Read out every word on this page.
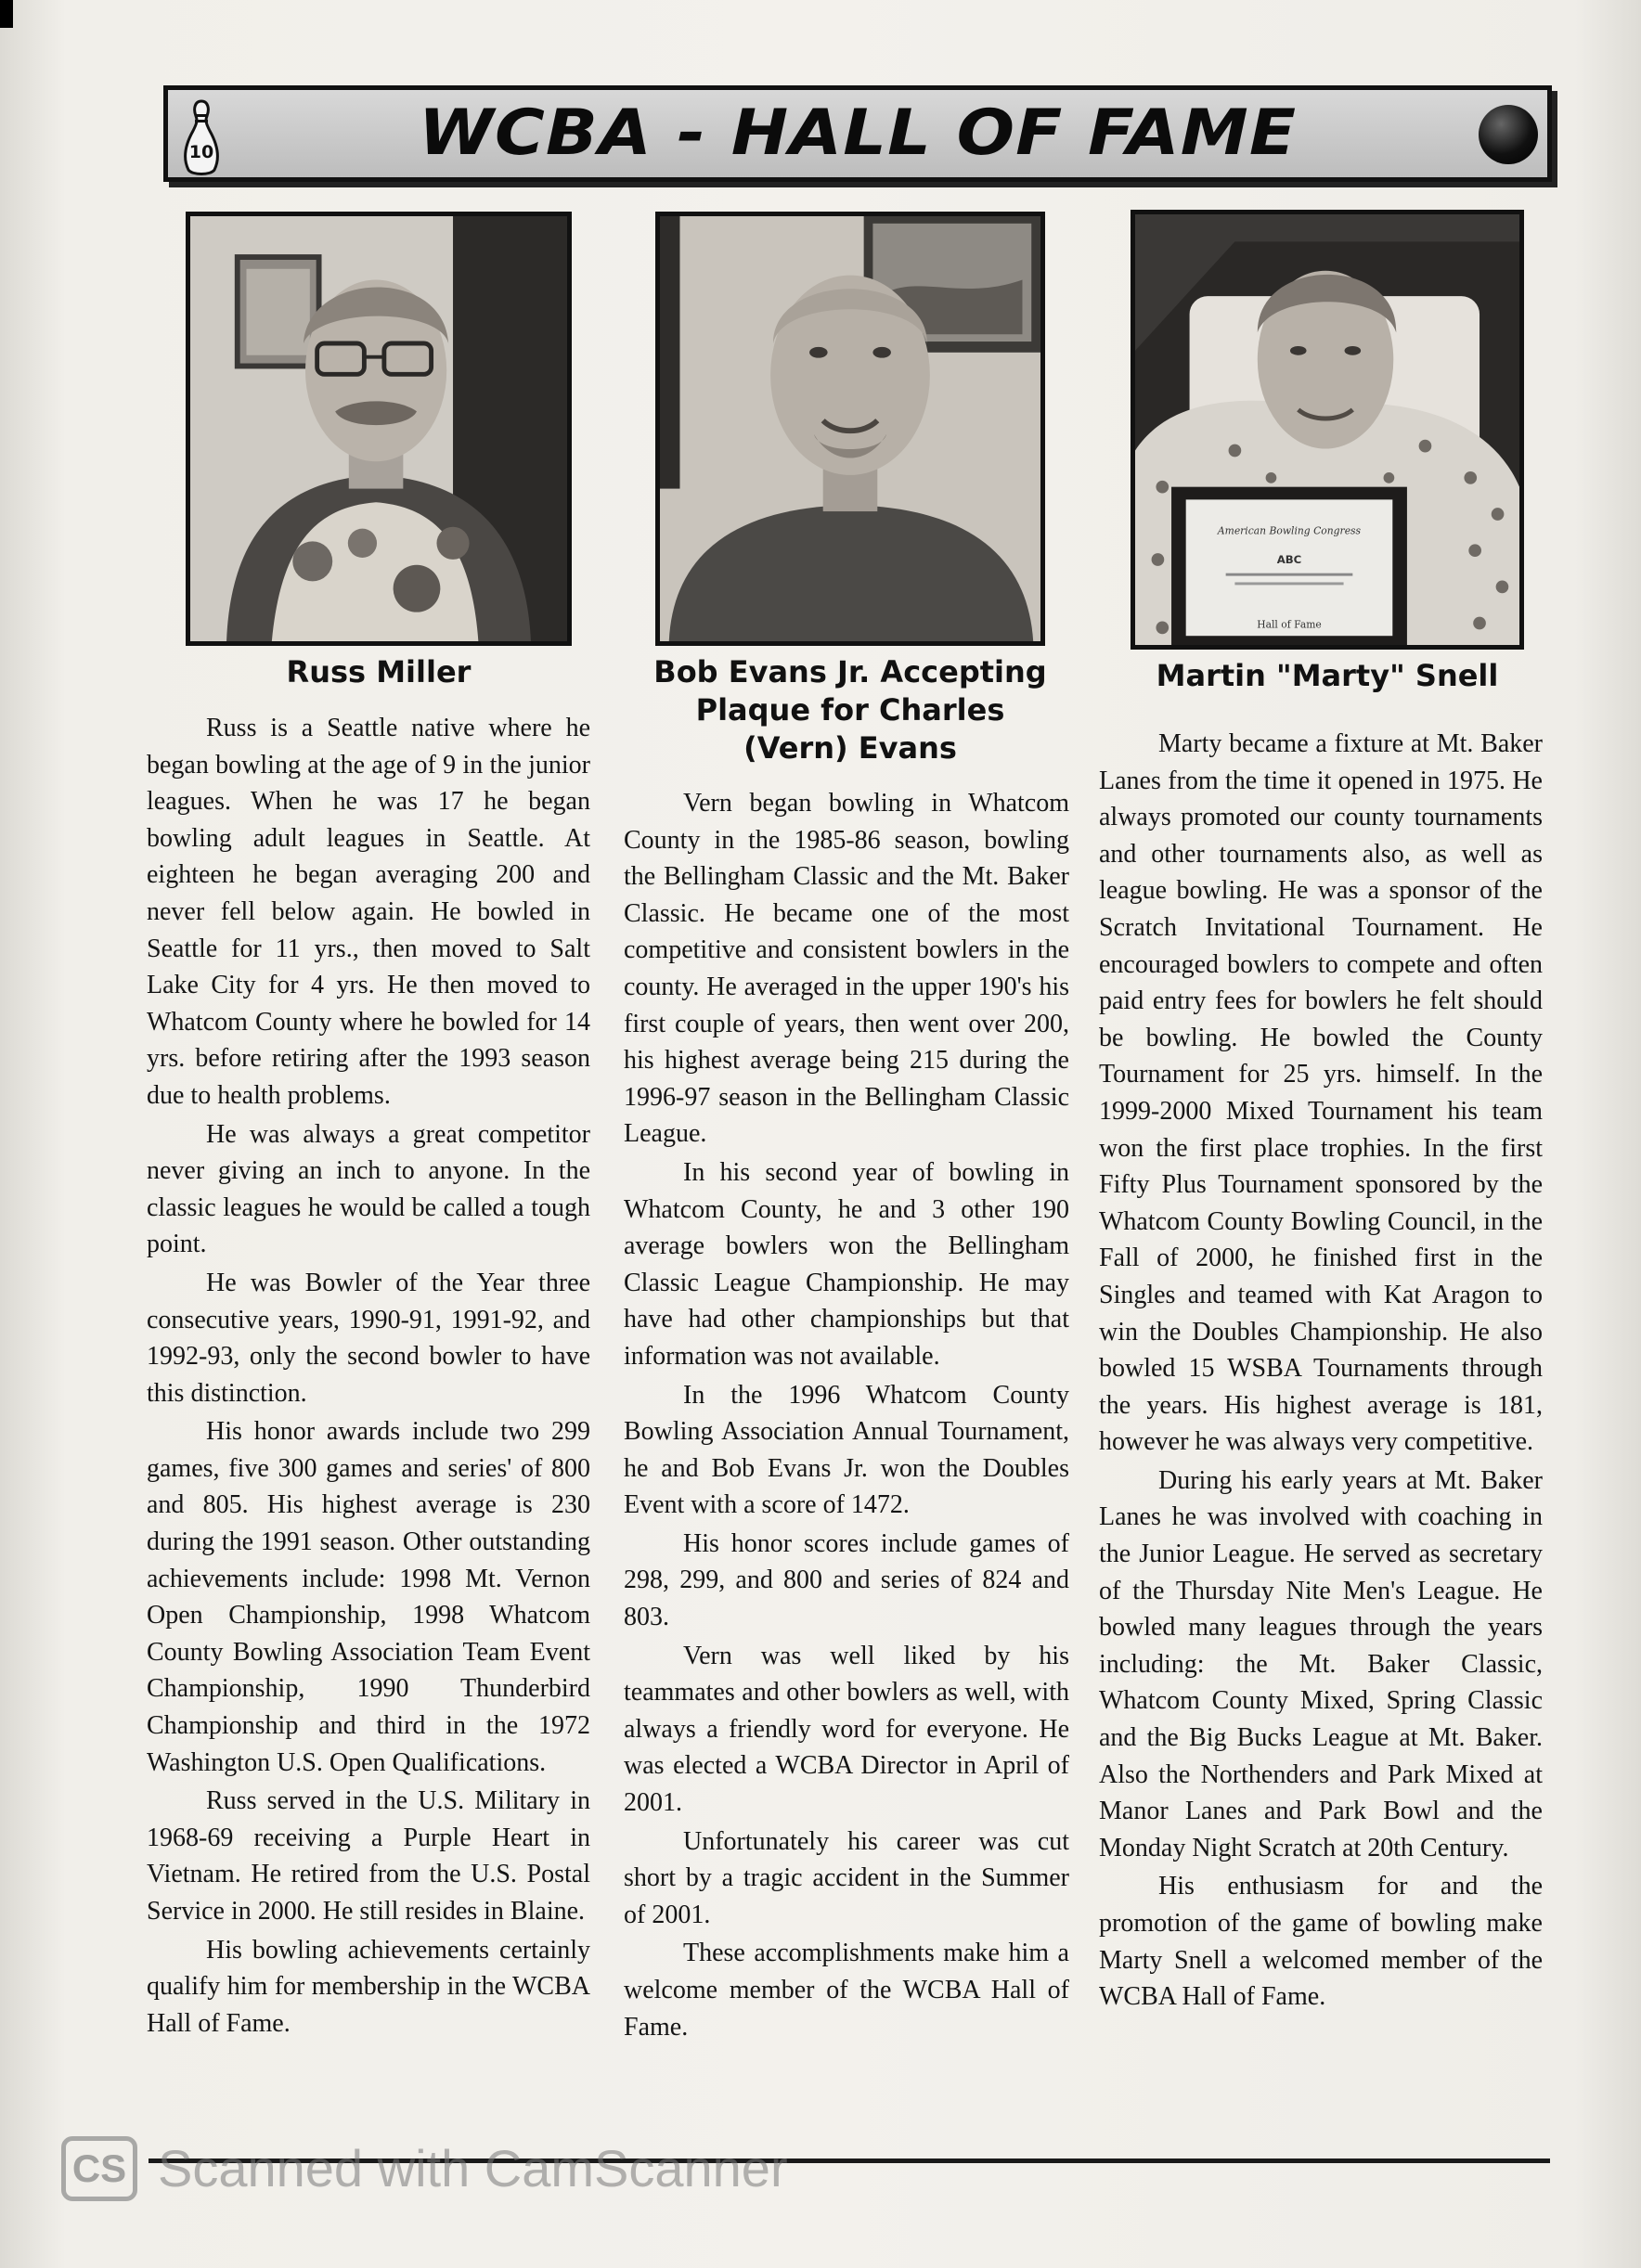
10	WCBA - HALL OF FAME
American Bowling Congress
ABC
Hall of Fame
Russ Miller	Bob Evans Jr. Accepting Plaque for Charles (Vern) Evans
Martin "Marty" Snell

Russ is a Seattle native where he began bowling at the age of 9 in the junior leagues. When he was 17 he began bowling adult leagues in Seattle. At eighteen he began averaging 200 and never fell below again. He bowled in Seattle for 11 yrs., then moved to Salt Lake City for 4 yrs. He then moved to Whatcom County where he bowled for 14 yrs. before retiring after the 1993 season due to health problems.

He was always a great competitor never giving an inch to anyone. In the classic leagues he would be called a tough point.

He was Bowler of the Year three consecutive years, 1990-91, 1991-92, and 1992-93, only the second bowler to have this distinction.

His honor awards include two 299 games, five 300 games and series' of 800 and 805. His highest average is 230 during the 1991 season. Other outstanding achievements include: 1998 Mt. Vernon Open Championship, 1998 Whatcom County Bowling Association Team Event Championship, 1990 Thunderbird Championship and third in the 1972 Washington U.S. Open Qualifications.

Russ served in the U.S. Military in 1968-69 receiving a Purple Heart in Vietnam. He retired from the U.S. Postal Service in 2000. He still resides in Blaine.

His bowling achievements certainly qualify him for membership in the WCBA Hall of Fame.

Vern began bowling in Whatcom County in the 1985-86 season, bowling the Bellingham Classic and the Mt. Baker Classic. He became one of the most competitive and consistent bowlers in the county. He averaged in the upper 190's his first couple of years, then went over 200, his highest average being 215 during the 1996-97 season in the Bellingham Classic League.

In his second year of bowling in Whatcom County, he and 3 other 190 average bowlers won the Bellingham Classic League Championship. He may have had other championships but that information was not available.

In the 1996 Whatcom County Bowling Association Annual Tournament, he and Bob Evans Jr. won the Doubles Event with a score of 1472.

His honor scores include games of 298, 299, and 800 and series of 824 and 803.

Vern was well liked by his teammates and other bowlers as well, with always a friendly word for everyone. He was elected a WCBA Director in April of 2001.

Unfortunately his career was cut short by a tragic accident in the Summer of 2001.

These accomplishments make him a welcome member of the WCBA Hall of Fame.

Marty became a fixture at Mt. Baker Lanes from the time it opened in 1975. He always promoted our county tournaments and other tournaments also, as well as league bowling. He was a sponsor of the Scratch Invitational Tournament. He encouraged bowlers to compete and often paid entry fees for bowlers he felt should be bowling. He bowled the County Tournament for 25 yrs. himself. In the 1999-2000 Mixed Tournament his team won the first place trophies. In the first Fifty Plus Tournament sponsored by the Whatcom County Bowling Council, in the Fall of 2000, he finished first in the Singles and teamed with Kat Aragon to win the Doubles Championship. He also bowled 15 WSBA Tournaments through the years. His highest average is 181, however he was always very competitive.

During his early years at Mt. Baker Lanes he was involved with coaching in the Junior League. He served as secretary of the Thursday Nite Men's League. He bowled many leagues through the years including: the Mt. Baker Classic, Whatcom County Mixed, Spring Classic and the Big Bucks League at Mt. Baker. Also the Northenders and Park Mixed at Manor Lanes and Park Bowl and the Monday Night Scratch at 20th Century.

His enthusiasm for and the promotion of the game of bowling make Marty Snell a welcomed member of the WCBA Hall of Fame.

CS Scanned with CamScanner
